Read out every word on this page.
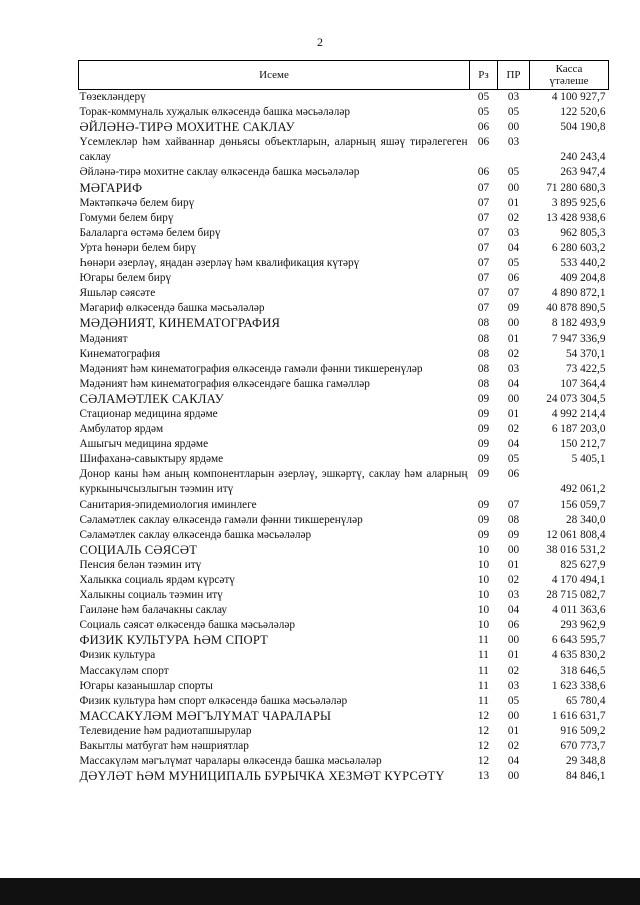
2
Исеме	Рз	ПР	Касса
үтәлеше
Төзекләндерү	05	03	4 100 927,7
Торак-коммуналь хуҗалык өлкәсендә башка мәсьәләләр	05	05	122 520,6
ӘЙЛӘНӘ-ТИРӘ МОХИТНЕ САКЛАУ	06	00	504 190,8
Үсемлекләр һәм хайваннар дөньясы объектларын, аларның яшәү тирәлегеген саклау	06	03	240 243,4
Әйләнә-тирә мохитне саклау өлкәсендә башка мәсьәләләр	06	05	263 947,4
МӘГАРИФ	07	00	71 280 680,3
Мәктәпкәчә белем бирү	07	01	3 895 925,6
Гомуми белем бирү	07	02	13 428 938,6
Балаларга өстәмә белем бирү	07	03	962 805,3
Урта һөнәри белем бирү	07	04	6 280 603,2
Һөнәри әзерләү, яңадан әзерләү һәм квалификация күтәрү	07	05	533 440,2
Югары белем бирү	07	06	409 204,8
Яшьләр сәясәте	07	07	4 890 872,1
Мәгариф өлкәсендә башка мәсьәләләр	07	09	40 878 890,5
МӘДӘНИЯТ, КИНЕМАТОГРАФИЯ	08	00	8 182 493,9
Мәдәният	08	01	7 947 336,9
Кинематография	08	02	54 370,1
Мәдәният һәм кинематография өлкәсендә гамәли фәнни тикшеренүләр	08	03	73 422,5
Мәдәният һәм кинематография өлкәсендәге башка гамәлләр	08	04	107 364,4
СӘЛАМӘТЛЕК САКЛАУ	09	00	24 073 304,5
Стационар медицина ярдәме	09	01	4 992 214,4
Амбулатор ярдәм	09	02	6 187 203,0
Ашыгыч медицина ярдәме	09	04	150 212,7
Шифаханә-савыктыру ярдәме	09	05	5 405,1
Донор каны һәм аның компонентларын әзерләү, эшкәртү, саклау һәм аларның куркынычсызлыгын тәэмин итү	09	06	492 061,2
Санитария-эпидемиология иминлеге	09	07	156 059,7
Сәламәтлек саклау өлкәсендә гамәли фәнни тикшеренүләр	09	08	28 340,0
Сәламәтлек саклау өлкәсендә башка мәсьәләләр	09	09	12 061 808,4
СОЦИАЛЬ СӘЯСӘТ	10	00	38 016 531,2
Пенсия белән тәэмин итү	10	01	825 627,9
Халыкка социаль ярдәм күрсәтү	10	02	4 170 494,1
Халыкны социаль тәэмин итү	10	03	28 715 082,7
Гаиләне һәм балачакны саклау	10	04	4 011 363,6
Социаль сәясәт өлкәсендә башка мәсьәләләр	10	06	293 962,9
ФИЗИК КУЛЬТУРА ҺӘМ СПОРТ	11	00	6 643 595,7
Физик культура	11	01	4 635 830,2
Массакүләм спорт	11	02	318 646,5
Югары казанышлар спорты	11	03	1 623 338,6
Физик культура һәм спорт өлкәсендә башка мәсьәләләр	11	05	65 780,4
МАССАКҮЛӘМ МӘГЪЛҮМАТ ЧАРАЛАРЫ	12	00	1 616 631,7
Телевидение һәм радиотапшырулар	12	01	916 509,2
Вакытлы матбугат һәм нәшриятлар	12	02	670 773,7
Массакүләм мәгълүмат чаралары өлкәсендә башка мәсьәләләр	12	04	29 348,8
ДӘҮЛӘТ ҺӘМ МУНИЦИПАЛЬ БУРЫЧКА ХЕЗМӘТ КҮРСӘТҮ	13	00	84 846,1
